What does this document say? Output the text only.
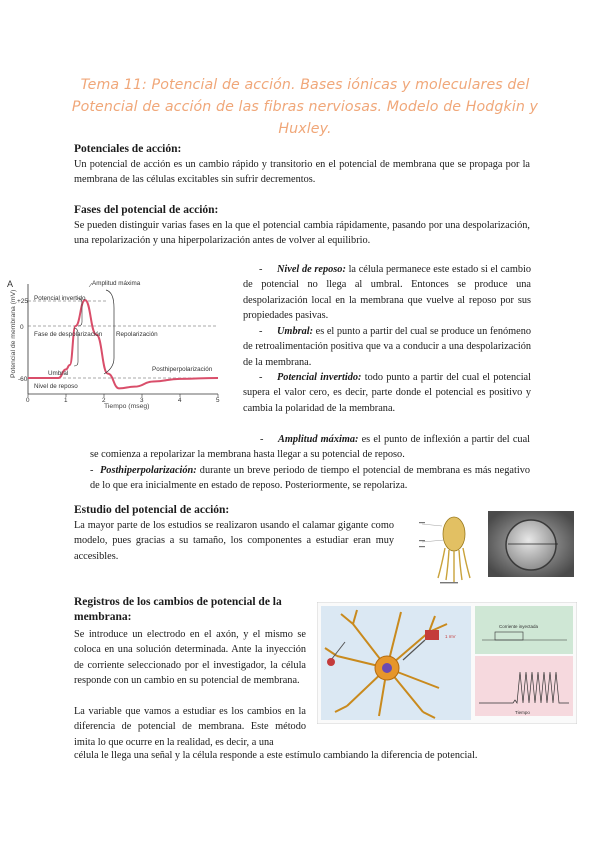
Tema 11: Potencial de acción. Bases iónicas y moleculares del Potencial de acción de las fibras nerviosas. Modelo de Hodgkin y Huxley.
Potenciales de acción:
Un potencial de acción es un cambio rápido y transitorio en el potencial de membrana que se propaga por la membrana de las células excitables sin sufrir decrementos.
Fases del potencial de acción:
Se pueden distinguir varias fases en la que el potencial cambia rápidamente, pasando por una despolarización, una repolarización y una hiperpolarización antes de volver al equilibrio.
A
Potencial de membrana (mV) +25
0
-60
0	1	2	3	4	5
Tiempo (mseg)
Amplitud máxima
Potencial invertido
Fase de despolarización Repolarización
Umbral
Nivel de reposo
Posthiperpolarización
- Nivel de reposo: la célula permanece este estado si el cambio de potencial no llega al umbral. Entonces se produce una despolarización local en la membrana que vuelve al reposo por sus propiedades pasivas.
- Umbral: es el punto a partir del cual se produce un fenómeno de retroalimentación positiva que va a conducir a una despolarización de la membrana.
- Potencial invertido: todo punto a partir del cual el potencial supera el valor cero, es decir, parte donde el potencial es positivo y cambia la polaridad de la membrana.
- Amplitud máxima: es el punto de inflexión a partir del cual se comienza a repolarizar la membrana hasta llegar a su potencial de reposo.
- Posthiperpolarización: durante un breve periodo de tiempo el potencial de membrana es más negativo de lo que era inicialmente en estado de reposo. Posteriormente, se repolariza.
Estudio del potencial de acción:
La mayor parte de los estudios se realizaron usando el calamar gigante como modelo, pues gracias a su tamaño, los componentes a estudiar eran muy accesibles.
Registros de los cambios de potencial de la membrana:
Se introduce un electrodo en el axón, y el mismo se coloca en una solución determinada. Ante la inyección de corriente seleccionado por el investigador, la célula responde con un cambio en su potencial de membrana.
La variable que vamos a estudiar es los cambios en la diferencia de potencial de membrana. Este método imita lo que ocurre en la realidad, es decir, a una
Corriente inyectada
Tiempo
1 mV
célula le llega una señal y la célula responde a este estímulo cambiando la diferencia de potencial.
